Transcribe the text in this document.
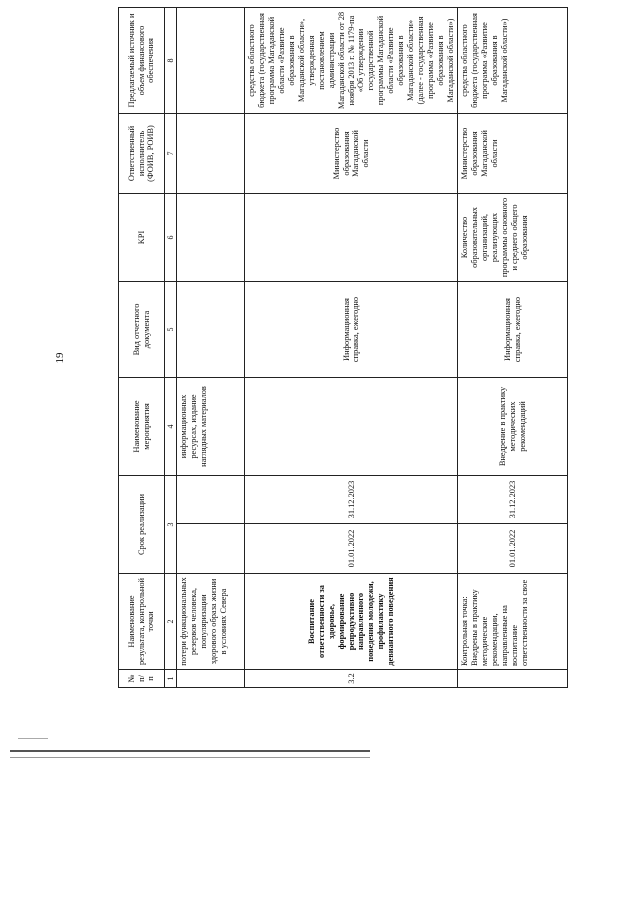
19
№ п/п	Наименование результата, контрольной точки	Срок реализации		Наименование мероприятия	Вид отчетного документа	KPI	Ответственный исполнитель (ФОИВ, РОИВ)	Предлагаемый источник и объем финансового обеспечения
1	2	3		4	5	6	7	8
	потери функциональных резервов человека, популяризации здорового образа жизни в условиях Севера			информационных ресурсах, издание наглядных материалов				
3.2	Воспитание ответственности за здоровье, формирование репродуктивно направленного поведения молодежи, профилактику девиантного поведения	01.01.2022	31.12.2023		Информационная справка, ежегодно		Министерство образования Магаданской области	средства областного бюджета (государственная программа Магаданской области «Развитие образования в Магаданской области», утвержденная постановлением администрации Магаданской области от 28 ноября 2013 г. № 1179-па «Об утверждении государственной программы Магаданской области «Развитие образования в Магаданской области» (далее - государственная программа «Развитие образования в Магаданской области»)
	Контрольная точка: Внедрены в практику методические рекомендации, направленные на воспитание ответственности за свое	01.01.2022	31.12.2023	Внедрение в практику методических рекомендаций	Информационная справка, ежегодно	Количество образовательных организаций, реализующих программы основного и среднего общего образования	Министерство образования Магаданской области	средства областного бюджета (государственная программа «Развитие образования в Магаданской области»)
